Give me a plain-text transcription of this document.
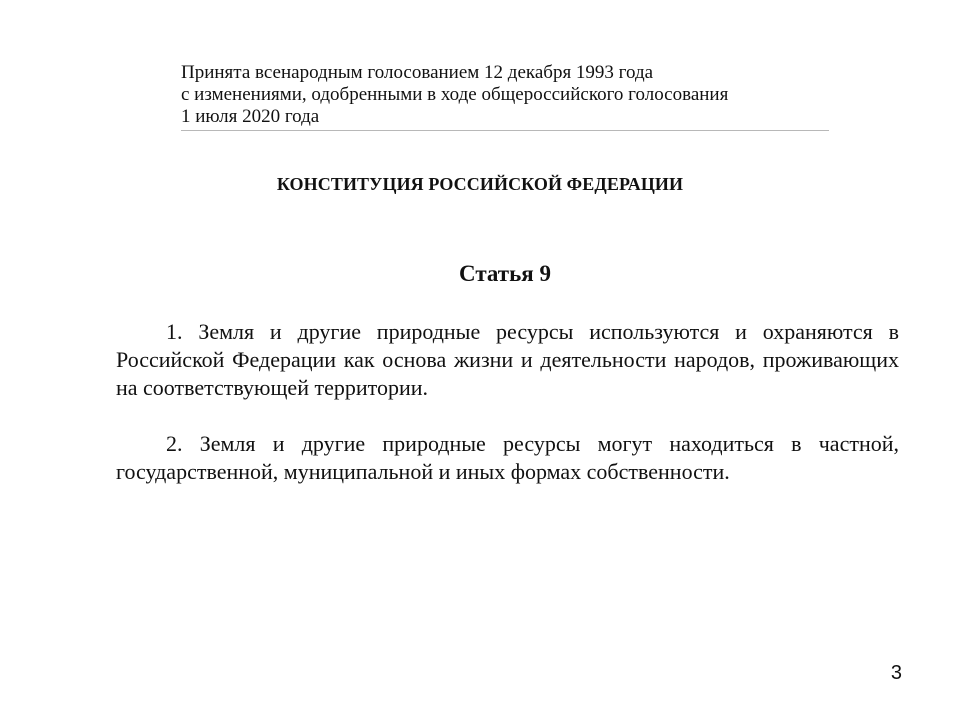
Принята всенародным голосованием 12 декабря 1993 года
с изменениями, одобренными в ходе общероссийского голосования
1 июля 2020 года
КОНСТИТУЦИЯ РОССИЙСКОЙ ФЕДЕРАЦИИ
Статья 9

1. Земля и другие природные ресурсы используются и охраняются в Российской Федерации как основа жизни и деятельности народов, проживающих на соответствующей территории.

2. Земля и другие природные ресурсы могут находиться в частной, государственной, муниципальной и иных формах собственности.

3
